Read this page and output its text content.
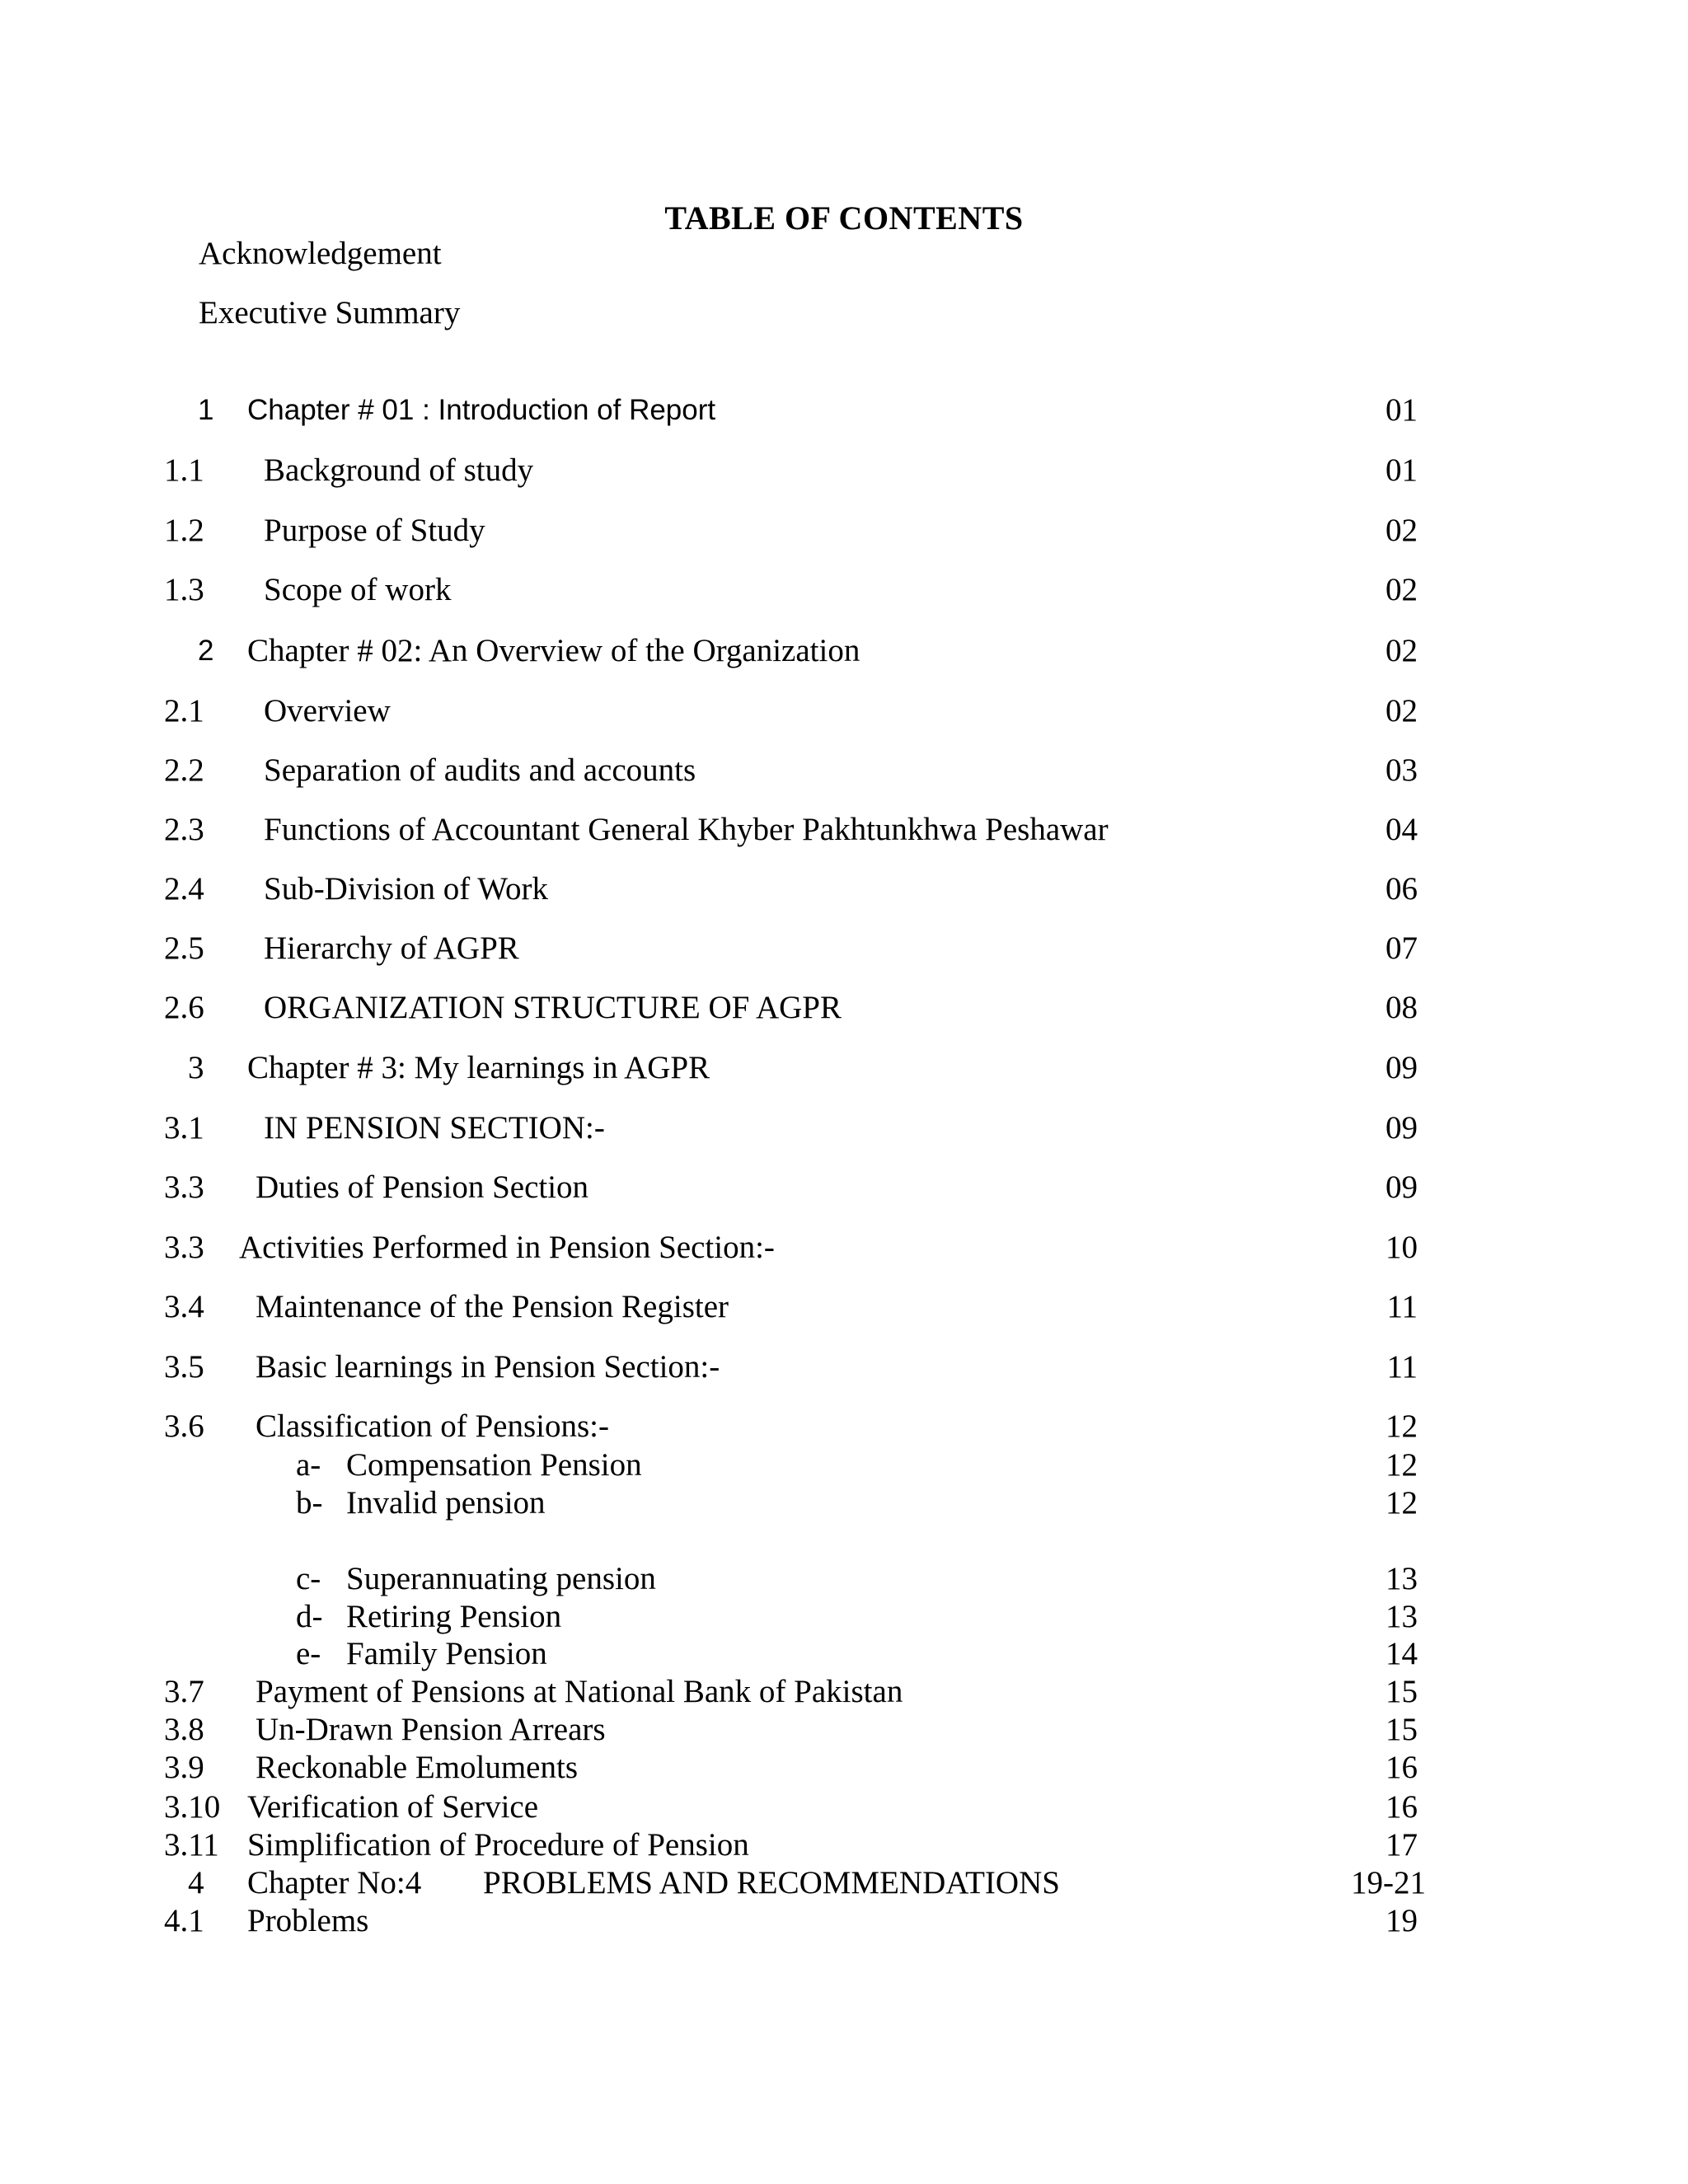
TABLE OF CONTENTS
Acknowledgement
Executive Summary
1 Chapter # 01 : Introduction of Report	01
1.1 Background of study	01
1.2 Purpose of Study	02
1.3 Scope of work	02
2 Chapter # 02: An Overview of the Organization	02
2.1 Overview	02
2.2 Separation of audits and accounts	03
2.3 Functions of Accountant General Khyber Pakhtunkhwa Peshawar	04
2.4 Sub-Division of Work	06
2.5 Hierarchy of AGPR	07
2.6 ORGANIZATION STRUCTURE OF AGPR	08
3 Chapter # 3: My learnings in AGPR	09
3.1 IN PENSION SECTION:-	09
3.3 Duties of Pension Section	09
3.3 Activities Performed in Pension Section:-	10
3.4 Maintenance of the Pension Register	11
3.5 Basic learnings in Pension Section:-	11
3.6 Classification of Pensions:-	12
a- Compensation Pension	12
b- Invalid pension	12
c- Superannuating pension	13
d- Retiring Pension	13
e- Family Pension	14
3.7 Payment of Pensions at National Bank of Pakistan	15
3.8 Un-Drawn Pension Arrears	15
3.9 Reckonable Emoluments	16
3.10 Verification of Service	16
3.11 Simplification of Procedure of Pension	17
4 Chapter No:4 PROBLEMS AND RECOMMENDATIONS	19-21
4.1 Problems	19
